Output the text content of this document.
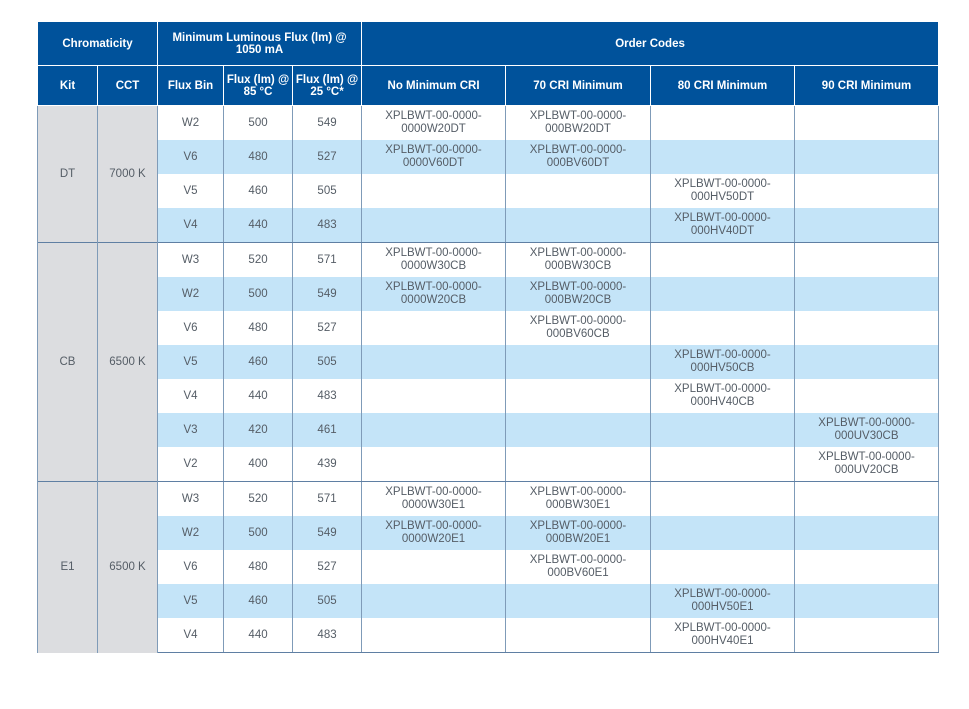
Chromaticity		Minimum Luminous Flux (lm) @ 1050 mA			Order Codes			
Kit	CCT	Flux Bin	Flux (lm) @ 85 °C	Flux (lm) @ 25 °C*	No Minimum CRI	70 CRI Minimum	80 CRI Minimum	90 CRI Minimum
DT	7000 K	W2	500	549	XPLBWT-00-0000-0000W20DT	XPLBWT-00-0000-000BW20DT		
		V6	480	527	XPLBWT-00-0000-0000V60DT	XPLBWT-00-0000-000BV60DT		
		V5	460	505			XPLBWT-00-0000-000HV50DT	
		V4	440	483			XPLBWT-00-0000-000HV40DT	
CB	6500 K	W3	520	571	XPLBWT-00-0000-0000W30CB	XPLBWT-00-0000-000BW30CB		
		W2	500	549	XPLBWT-00-0000-0000W20CB	XPLBWT-00-0000-000BW20CB		
		V6	480	527		XPLBWT-00-0000-000BV60CB		
		V5	460	505			XPLBWT-00-0000-000HV50CB	
		V4	440	483			XPLBWT-00-0000-000HV40CB	
		V3	420	461				XPLBWT-00-0000-000UV30CB
		V2	400	439				XPLBWT-00-0000-000UV20CB
E1	6500 K	W3	520	571	XPLBWT-00-0000-0000W30E1	XPLBWT-00-0000-000BW30E1		
		W2	500	549	XPLBWT-00-0000-0000W20E1	XPLBWT-00-0000-000BW20E1		
		V6	480	527		XPLBWT-00-0000-000BV60E1		
		V5	460	505			XPLBWT-00-0000-000HV50E1	
		V4	440	483			XPLBWT-00-0000-000HV40E1	
